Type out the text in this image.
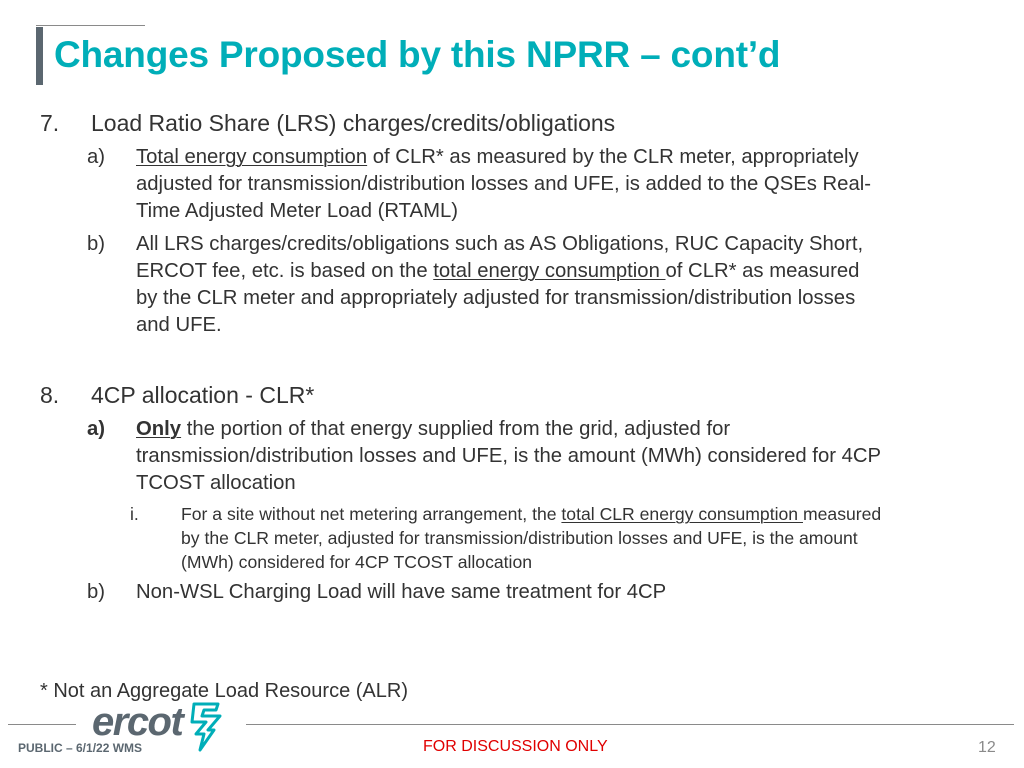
Changes Proposed by this NPRR – cont’d
7. Load Ratio Share (LRS) charges/credits/obligations
a) Total energy consumption of CLR* as measured by the CLR meter, appropriately
adjusted for transmission/distribution losses and UFE, is added to the QSEs Real-
Time Adjusted Meter Load (RTAML)
b) All LRS charges/credits/obligations such as AS Obligations, RUC Capacity Short,
ERCOT fee, etc. is based on the total energy consumption of CLR* as measured
by the CLR meter and appropriately adjusted for transmission/distribution losses
and UFE.
8. 4CP allocation - CLR*
a) Only the portion of that energy supplied from the grid, adjusted for
transmission/distribution losses and UFE, is the amount (MWh) considered for 4CP
TCOST allocation
i. For a site without net metering arrangement, the total CLR energy consumption measured
by the CLR meter, adjusted for transmission/distribution losses and UFE, is the amount
(MWh) considered for 4CP TCOST allocation
b) Non-WSL Charging Load will have same treatment for 4CP
* Not an Aggregate Load Resource (ALR)
ercot
PUBLIC – 6/1/22 WMS	FOR DISCUSSION ONLY	12
